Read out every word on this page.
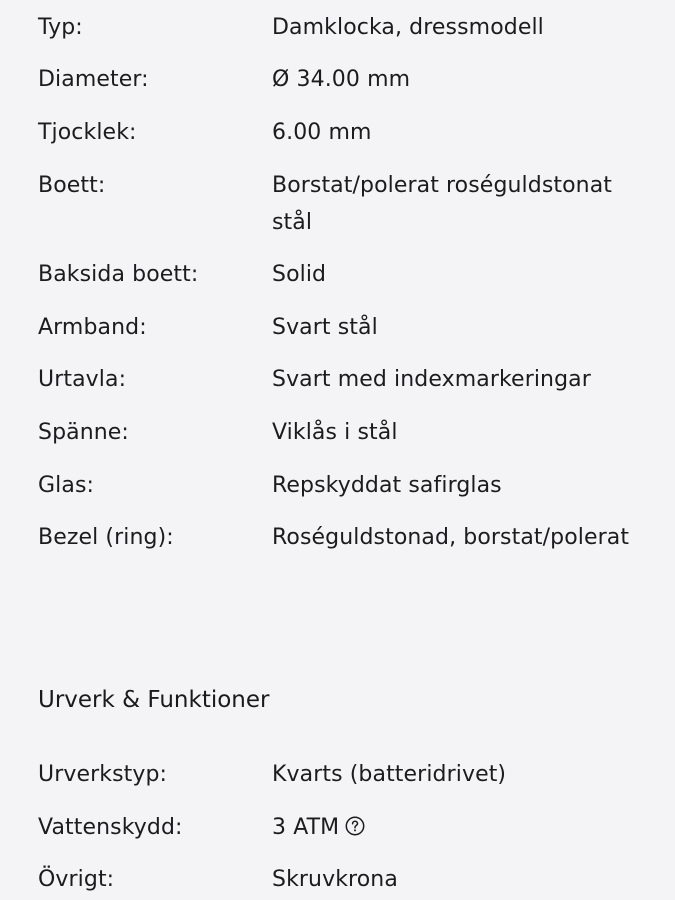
Typ:	Damklocka, dressmodell
Diameter:	Ø 34.00 mm
Tjocklek:	6.00 mm
Boett:	Borstat/polerat roséguldstonat stål
Baksida boett:	Solid
Armband:	Svart stål
Urtavla:	Svart med indexmarkeringar
Spänne:	Viklås i stål
Glas:	Repskyddat safirglas
Bezel (ring):	Roséguldstonad, borstat/polerat
Urverk & Funktioner
Urverkstyp:	Kvarts (batteridrivet)
Vattenskydd:	3 ATM
Övrigt:	Skruvkrona
